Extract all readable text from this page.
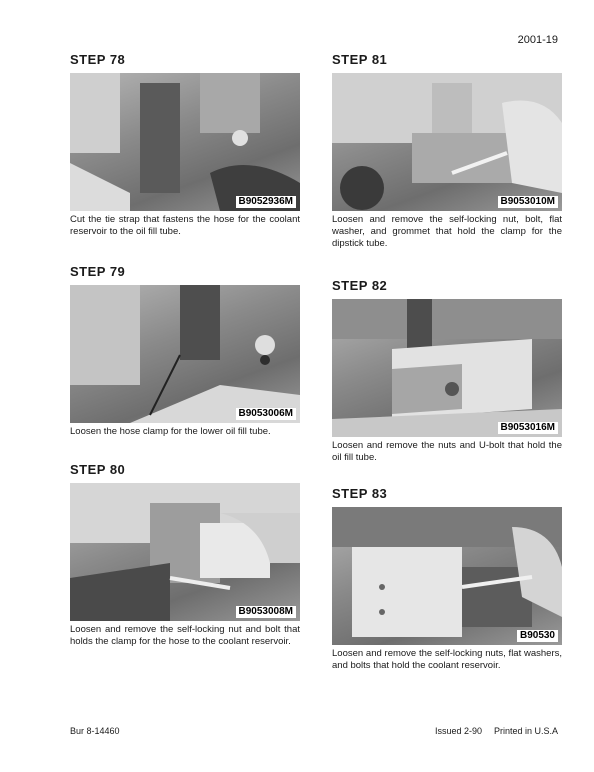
2001-19
STEP 78
B9052936M
Cut the tie strap that fastens the hose for the coolant reservoir to the oil fill tube.
STEP 79
B9053006M
Loosen the hose clamp for the lower oil fill tube.
STEP 80
B9053008M
Loosen and remove the self-locking nut and bolt that holds the clamp for the hose to the coolant reservoir.
STEP 81
B9053010M
Loosen and remove the self-locking nut, bolt, flat washer, and grommet that hold the clamp for the dipstick tube.
STEP 82
B9053016M
Loosen and remove the nuts and U-bolt that hold the oil fill tube.
STEP 83
B90530
Loosen and remove the self-locking nuts, flat washers, and bolts that hold the coolant reservoir.
Bur 8-14460	Issued 2-90 Printed in U.S.A
